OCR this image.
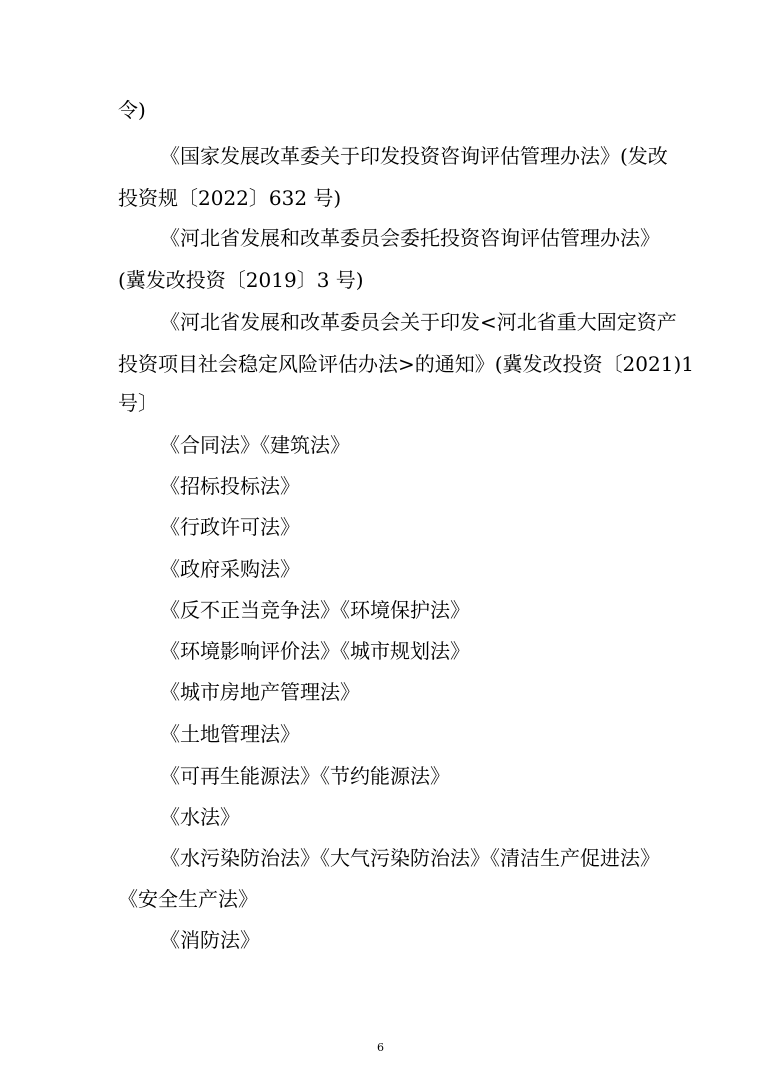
令)
《国家发展改革委关于印发投资咨询评估管理办法》(发改
投资规〔2022〕632 号)
《河北省发展和改革委员会委托投资咨询评估管理办法》
(冀发改投资〔2019〕3 号)
《河北省发展和改革委员会关于印发<河北省重大固定资产
投资项目社会稳定风险评估办法>的通知》(冀发改投资〔2021)1
号〕
《合同法》《建筑法》
《招标投标法》
《行政许可法》
《政府采购法》
《反不正当竞争法》《环境保护法》
《环境影响评价法》《城市规划法》
《城市房地产管理法》
《土地管理法》
《可再生能源法》《节约能源法》
《水法》
《水污染防治法》《大气污染防治法》《清洁生产促进法》
《安全生产法》
《消防法》
6
